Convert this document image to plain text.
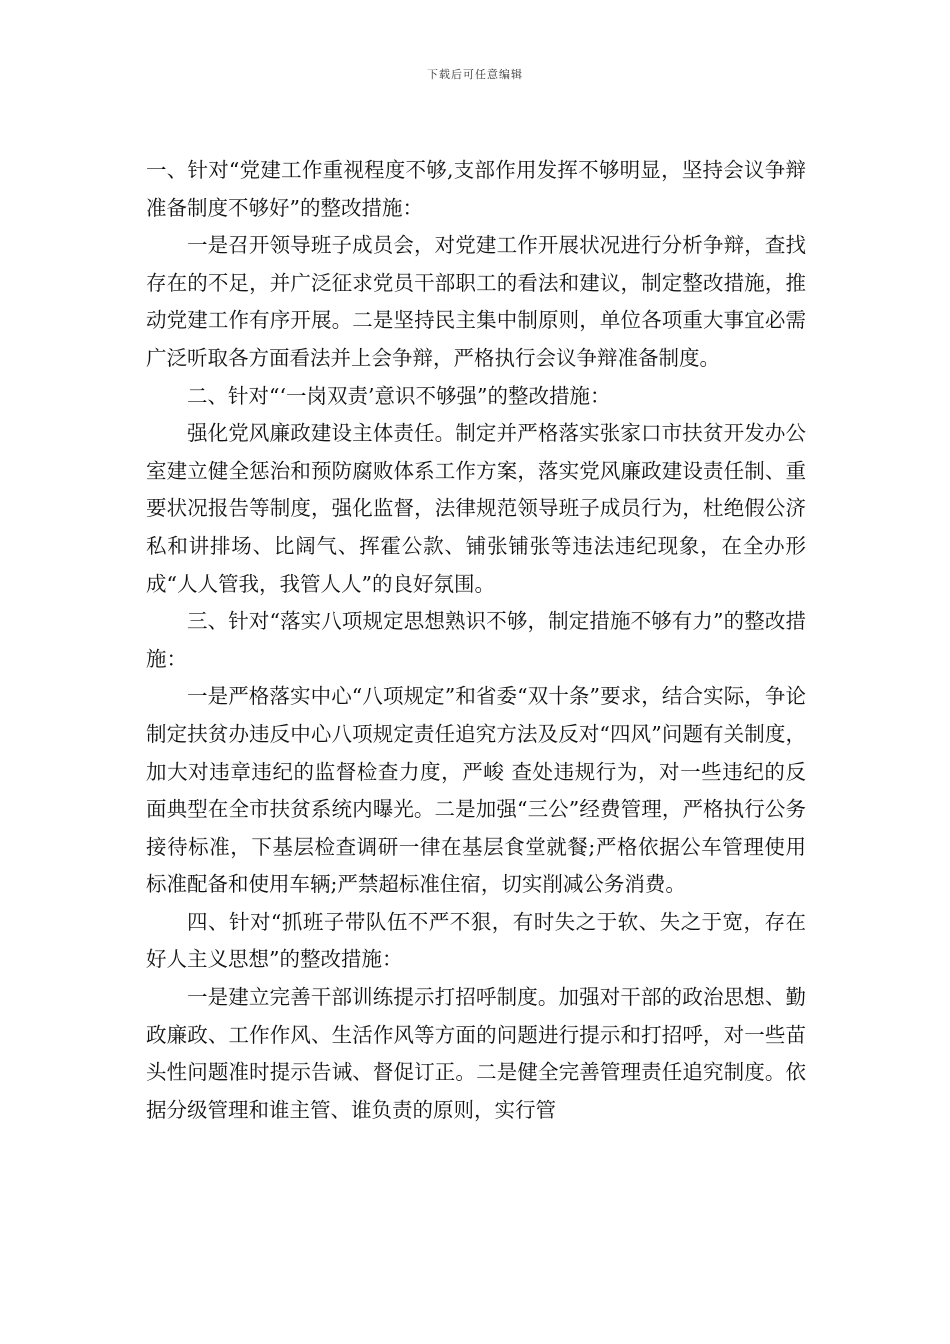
下载后可任意编辑

一、针对“党建工作重视程度不够,支部作用发挥不够明显，坚持会议争辩准备制度不够好”的整改措施：

一是召开领导班子成员会，对党建工作开展状况进行分析争辩，查找存在的不足，并广泛征求党员干部职工的看法和建议，制定整改措施，推动党建工作有序开展。二是坚持民主集中制原则，单位各项重大事宜必需广泛听取各方面看法并上会争辩，严格执行会议争辩准备制度。

二、针对“‘一岗双责’意识不够强”的整改措施：

强化党风廉政建设主体责任。制定并严格落实张家口市扶贫开发办公室建立健全惩治和预防腐败体系工作方案，落实党风廉政建设责任制、重要状况报告等制度，强化监督，法律规范领导班子成员行为，杜绝假公济私和讲排场、比阔气、挥霍公款、铺张铺张等违法违纪现象，在全办形成“人人管我，我管人人”的良好氛围。

三、针对“落实八项规定思想熟识不够，制定措施不够有力”的整改措施：

一是严格落实中心“八项规定”和省委“双十条”要求，结合实际，争论制定扶贫办违反中心八项规定责任追究方法及反对“四风”问题有关制度，加大对违章违纪的监督检查力度，严峻 查处违规行为，对一些违纪的反面典型在全市扶贫系统内曝光。二是加强“三公”经费管理，严格执行公务接待标准，下基层检查调研一律在基层食堂就餐;严格依据公车管理使用标准配备和使用车辆;严禁超标准住宿，切实削减公务消费。

四、针对“抓班子带队伍不严不狠，有时失之于软、失之于宽，存在好人主义思想”的整改措施：

一是建立完善干部训练提示打招呼制度。加强对干部的政治思想、勤政廉政、工作作风、生活作风等方面的问题进行提示和打招呼，对一些苗头性问题准时提示告诫、督促订正。二是健全完善管理责任追究制度。依据分级管理和谁主管、谁负责的原则，实行管
